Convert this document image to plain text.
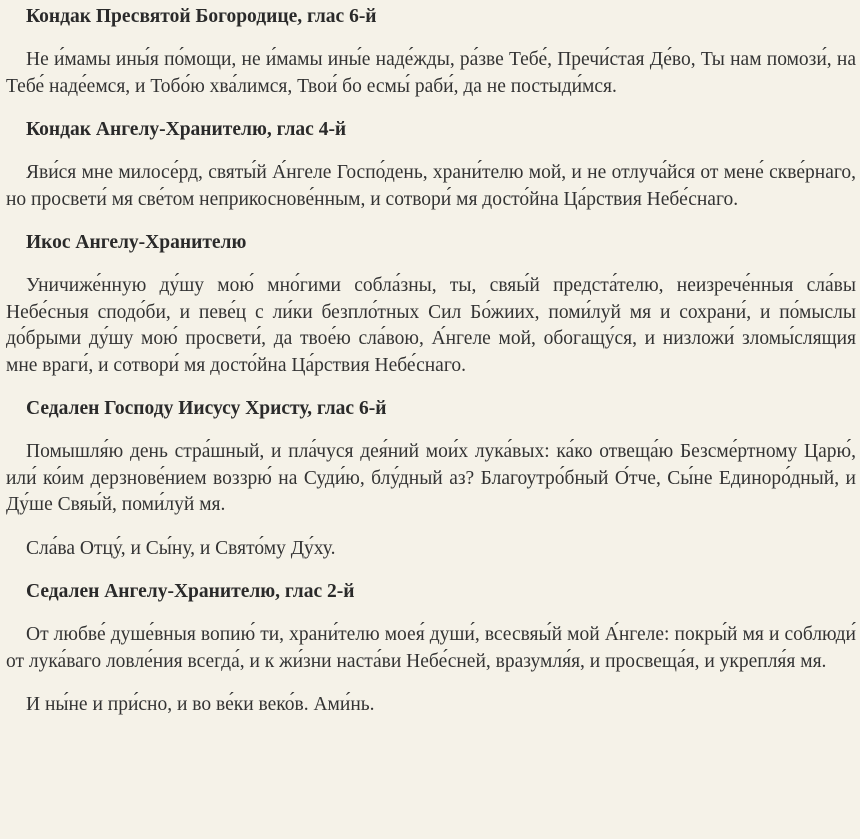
Кондак Пресвятой Богородице, глас 6-й
Не и́мамы ины́я по́мощи, не и́мамы ины́е наде́жды, ра́зве Тебе́, Пречи́стая Де́во, Ты нам помози́, на Тебе́ наде́емся, и Тобо́ю хва́лимся, Твои́ бо есмы́ раби́, да не постыди́мся.
Кондак Ангелу-Хранителю, глас 4-й
Яви́ся мне милосе́рд, святы́й А́нгеле Госпо́день, храни́телю мой, и не отлуча́йся от мене́ скве́рнаго, но просвети́ мя све́том неприкоснове́нным, и сотвори́ мя досто́йна Ца́рствия Небе́снаго.
Икос Ангелу-Хранителю
Уничиже́нную ду́шу мою́ мно́гими собла́зны, ты, свяы́й предста́телю, неизрече́нныя сла́вы Небе́сныя сподо́би, и певе́ц с ли́ки безпло́тных Сил Бо́жиих, поми́луй мя и сохрани́, и по́мыслы до́брыми ду́шу мою́ просвети́, да твое́ю сла́вою, А́нгеле мой, обогащу́ся, и низложи́ зломы́слящия мне враги́, и сотвори́ мя досто́йна Ца́рствия Небе́снаго.
Седален Господу Иисусу Христу, глас 6-й
Помышля́ю день стра́шный, и пла́чуся дея́ний мои́х лука́вых: ка́ко отвеща́ю Безсме́ртному Царю́, или́ ко́им дерзнове́нием воззрю́ на Суди́ю, блу́дный аз? Благоутро́бный О́тче, Сы́не Единоро́дный, и Ду́ше Свяы́й, поми́луй мя.
Сла́ва Отцу́, и Сы́ну, и Свято́му Ду́ху.
Седален Ангелу-Хранителю, глас 2-й
От любве́ душе́вныя вопию́ ти, храни́телю моея́ души́, всесвяы́й мой А́нгеле: покры́й мя и соблюди́ от лука́ваго ловле́ния всегда́, и к жи́зни наста́ви Небе́сней, вразумля́я, и просвеща́я, и укрепля́я мя.
И ны́не и при́сно, и во ве́ки веко́в. Ами́нь.
